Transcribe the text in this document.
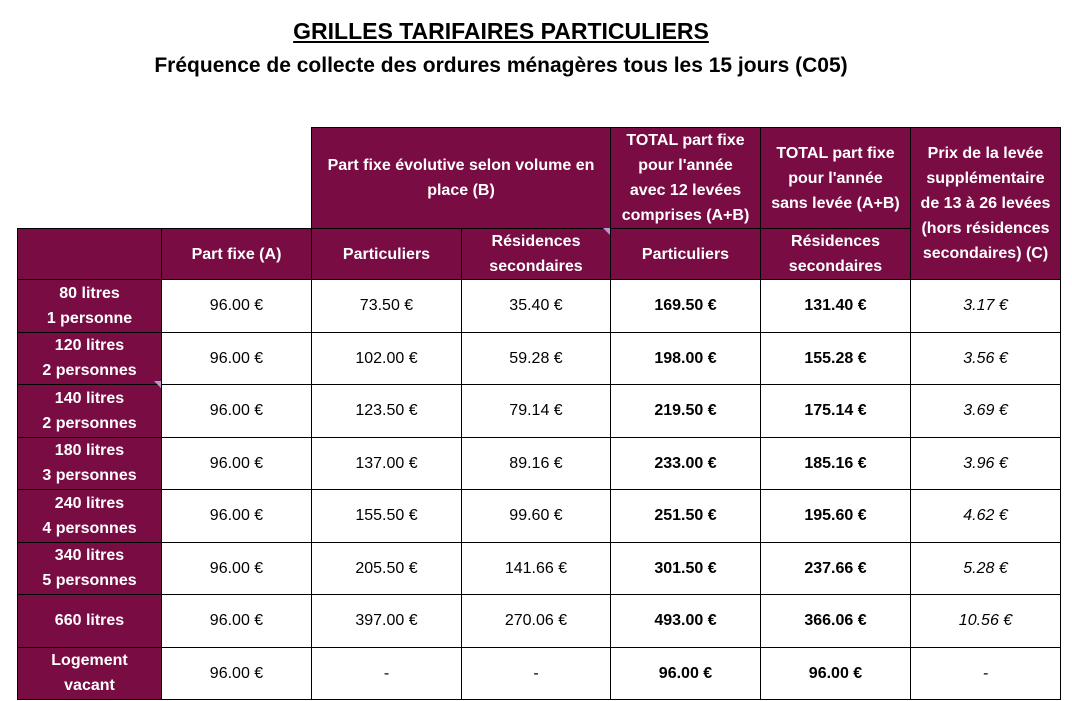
GRILLES TARIFAIRES PARTICULIERS
Fréquence de collecte des ordures ménagères tous les 15 jours (C05)
		Part fixe évolutive selon volume en place (B)		TOTAL part fixe
pour l'année
avec 12 levées
comprises (A+B)	TOTAL part fixe
pour l'année
sans levée (A+B)	Prix de la levée
supplémentaire
de 13 à 26 levées
(hors résidences
secondaires) (C)

	Part fixe (A)	Particuliers	Résidences
secondaires	Particuliers	Résidences
secondaires	

80 litres
1 personne	96.00 €	73.50 €	35.40 €	169.50 €	131.40 €	3.17 €

120 litres
2 personnes	96.00 €	102.00 €	59.28 €	198.00 €	155.28 €	3.56 €

140 litres
2 personnes	96.00 €	123.50 €	79.14 €	219.50 €	175.14 €	3.69 €

180 litres
3 personnes	96.00 €	137.00 €	89.16 €	233.00 €	185.16 €	3.96 €

240 litres
4 personnes	96.00 €	155.50 €	99.60 €	251.50 €	195.60 €	4.62 €

340 litres
5 personnes	96.00 €	205.50 €	141.66 €	301.50 €	237.66 €	5.28 €

660 litres	96.00 €	397.00 €	270.06 €	493.00 €	366.06 €	10.56 €

Logement
vacant	96.00 €	-	-	96.00 €	96.00 €	-
